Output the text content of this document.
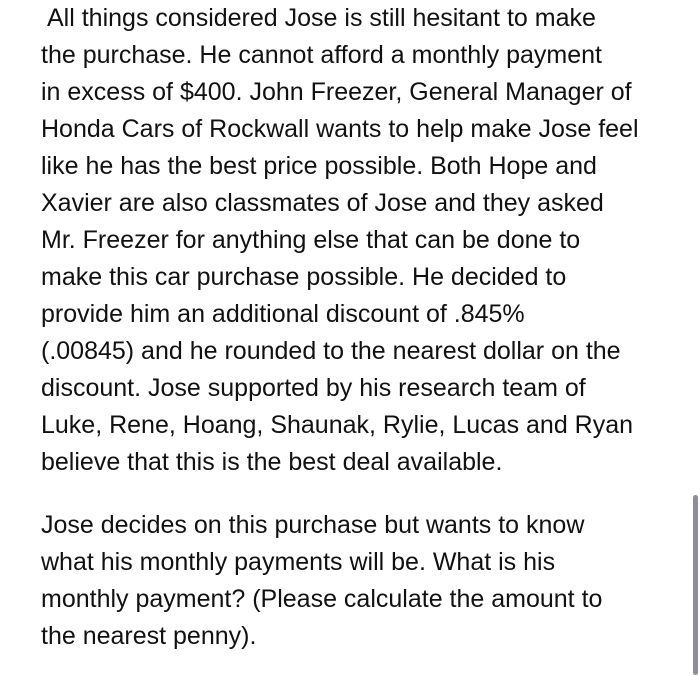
All things considered Jose is still hesitant to make

the purchase. He cannot afford a monthly payment

in excess of $400. John Freezer, General Manager of

Honda Cars of Rockwall wants to help make Jose feel

like he has the best price possible. Both Hope and

Xavier are also classmates of Jose and they asked

Mr. Freezer for anything else that can be done to

make this car purchase possible. He decided to

provide him an additional discount of .845%

(.00845) and he rounded to the nearest dollar on the

discount. Jose supported by his research team of

Luke, Rene, Hoang, Shaunak, Rylie, Lucas and Ryan

believe that this is the best deal available.

Jose decides on this purchase but wants to know

what his monthly payments will be. What is his

monthly payment? (Please calculate the amount to

the nearest penny).
